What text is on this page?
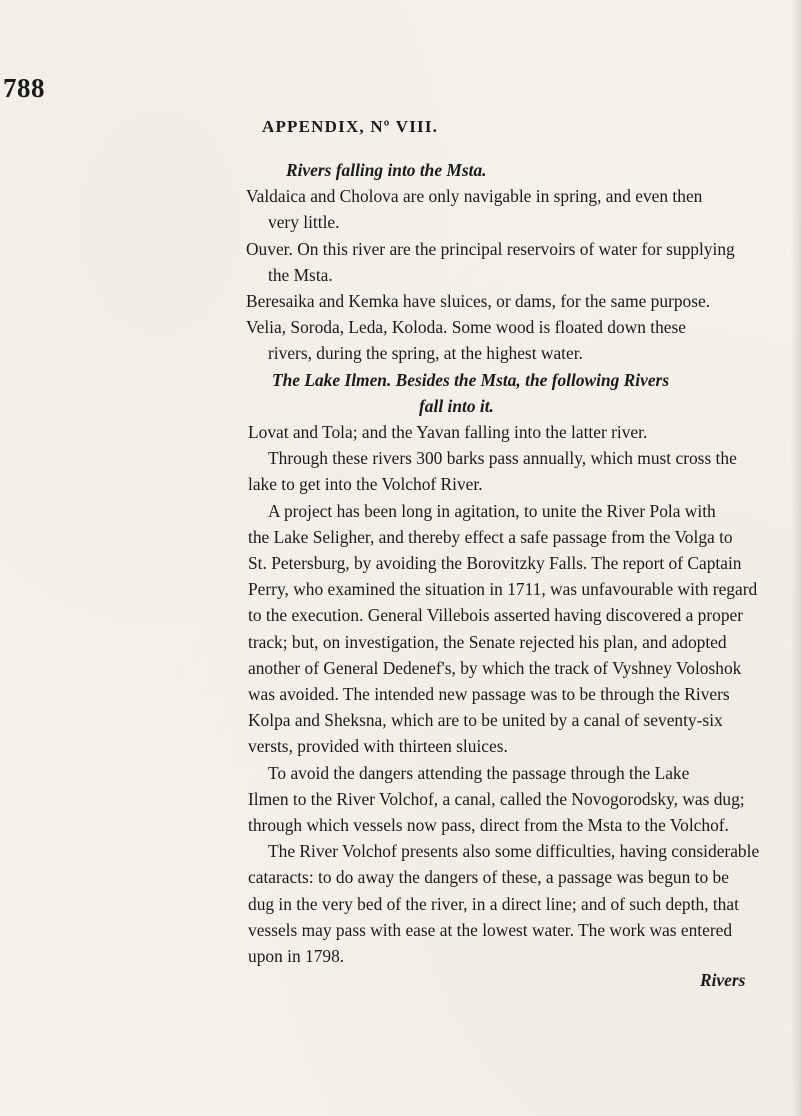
788
APPENDIX, Nº VIII.
Rivers falling into the Msta.
Valdaica and Cholova are only navigable in spring, and even then
very little.
Ouver. On this river are the principal reservoirs of water for supplying
the Msta.
Beresaika and Kemka have sluices, or dams, for the same purpose.
Velia, Soroda, Leda, Koloda. Some wood is floated down these
rivers, during the spring, at the highest water.
The Lake Ilmen. Besides the Msta, the following Rivers
fall into it.
Lovat and Tola; and the Yavan falling into the latter river.
Through these rivers 300 barks pass annually, which must cross the
lake to get into the Volchof River.
A project has been long in agitation, to unite the River Pola with
the Lake Seligher, and thereby effect a safe passage from the Volga to
St. Petersburg, by avoiding the Borovitzky Falls. The report of Captain
Perry, who examined the situation in 1711, was unfavourable with regard
to the execution. General Villebois asserted having discovered a proper
track; but, on investigation, the Senate rejected his plan, and adopted
another of General Dedenef's, by which the track of Vyshney Voloshok
was avoided. The intended new passage was to be through the Rivers
Kolpa and Sheksna, which are to be united by a canal of seventy-six
versts, provided with thirteen sluices.
To avoid the dangers attending the passage through the Lake
Ilmen to the River Volchof, a canal, called the Novogorodsky, was dug;
through which vessels now pass, direct from the Msta to the Volchof.
The River Volchof presents also some difficulties, having considerable
cataracts: to do away the dangers of these, a passage was begun to be
dug in the very bed of the river, in a direct line; and of such depth, that
vessels may pass with ease at the lowest water. The work was entered
upon in 1798.
Rivers
